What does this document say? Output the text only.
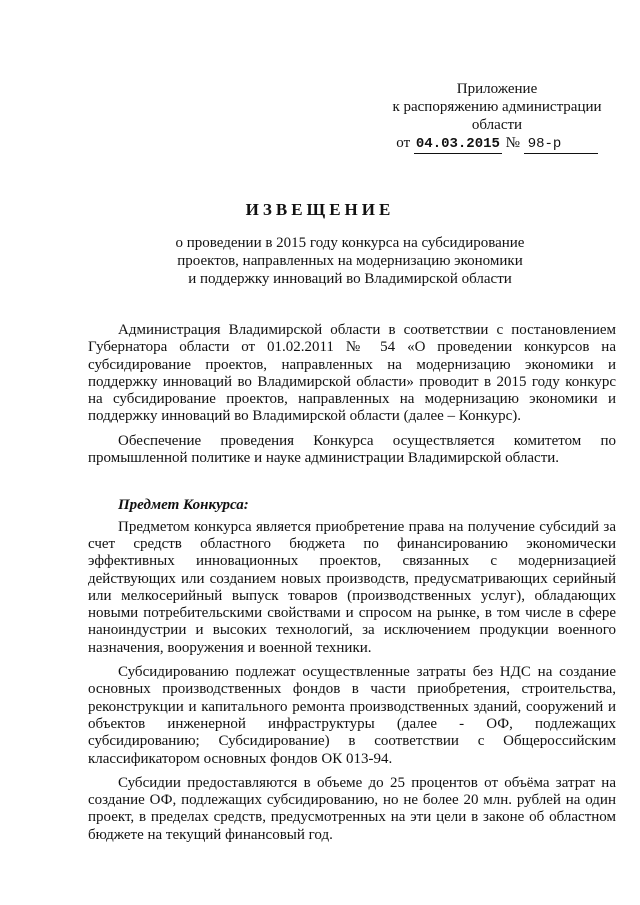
Приложение
к распоряжению администрации
области
от 04.03.2015 № 98-р
ИЗВЕЩЕНИЕ
о проведении в 2015 году конкурса на субсидирование
проектов, направленных на модернизацию экономики
и поддержку инноваций во Владимирской области

Администрация Владимирской области в соответствии с постановлением Губернатора области от 01.02.2011 № 54 «О проведении конкурсов на субсидирование проектов, направленных на модернизацию экономики и поддержку инноваций во Владимирской области» проводит в 2015 году конкурс на субсидирование проектов, направленных на модернизацию экономики и поддержку инноваций во Владимирской области (далее – Конкурс).

Обеспечение проведения Конкурса осуществляется комитетом по промышленной политике и науке администрации Владимирской области.

Предмет Конкурса:

Предметом конкурса является приобретение права на получение субсидий за счет средств областного бюджета по финансированию экономически эффективных инновационных проектов, связанных с модернизацией действующих или созданием новых производств, предусматривающих серийный или мелкосерийный выпуск товаров (производственных услуг), обладающих новыми потребительскими свойствами и спросом на рынке, в том числе в сфере наноиндустрии и высоких технологий, за исключением продукции военного назначения, вооружения и военной техники.

Субсидированию подлежат осуществленные затраты без НДС на создание основных производственных фондов в части приобретения, строительства, реконструкции и капитального ремонта производственных зданий, сооружений и объектов инженерной инфраструктуры (далее - ОФ, подлежащих субсидированию; Субсидирование) в соответствии с Общероссийским классификатором основных фондов ОК 013-94.

Субсидии предоставляются в объеме до 25 процентов от объёма затрат на создание ОФ, подлежащих субсидированию, но не более 20 млн. рублей на один проект, в пределах средств, предусмотренных на эти цели в законе об областном бюджете на текущий финансовый год.
